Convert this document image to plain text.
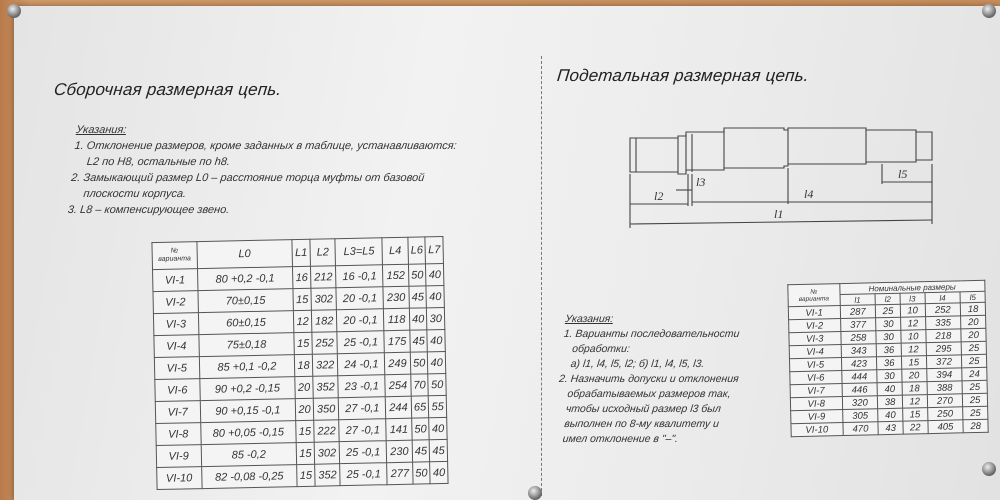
Сборочная размерная цепь.
Указания:
1. Отклонение размеров, кроме заданных в таблице, устанавливаются:
L2 по H8, остальные по h8.
2. Замыкающий размер L0 – расстояние торца муфты от базовой
плоскости корпуса.
3. L8 – компенсирующее звено.
№
варианта	L0	L1	L2	L3=L5	L4	L6	L7
VI-1	80 +0,2 -0,1	16	212	16 -0,1	152	50	40
VI-2	70±0,15	15	302	20 -0,1	230	45	40
VI-3	60±0,15	12	182	20 -0,1	118	40	30
VI-4	75±0,18	15	252	25 -0,1	175	45	40
VI-5	85 +0,1 -0,2	18	322	24 -0,1	249	50	40
VI-6	90 +0,2 -0,15	20	352	23 -0,1	254	70	50
VI-7	90 +0,15 -0,1	20	350	27 -0,1	244	65	55
VI-8	80 +0,05 -0,15	15	222	27 -0,1	141	50	40
VI-9	85 -0,2	15	302	25 -0,1	230	45	45
VI-10	82 -0,08 -0,25	15	352	25 -0,1	277	50	40
Подетальная размерная цепь.
l2
l3
l4
l5
l1
Указания:
1. Варианты последовательности
обработки:
а) l1, l4, l5, l2; б) l1, l4, l5, l3.
2. Назначить допуски и отклонения
обрабатываемых размеров так,
чтобы исходный размер l3 был
выполнен по 8-му квалитету и
имел отклонение в "–".
№
варианта	Номинальные размеры				
	l1	l2	l3	l4	l5
VI-1	287	25	10	252	18
VI-2	377	30	12	335	20
VI-3	258	30	10	218	20
VI-4	343	36	12	295	25
VI-5	423	36	15	372	25
VI-6	444	30	20	394	24
VI-7	446	40	18	388	25
VI-8	320	38	12	270	25
VI-9	305	40	15	250	25
VI-10	470	43	22	405	28
